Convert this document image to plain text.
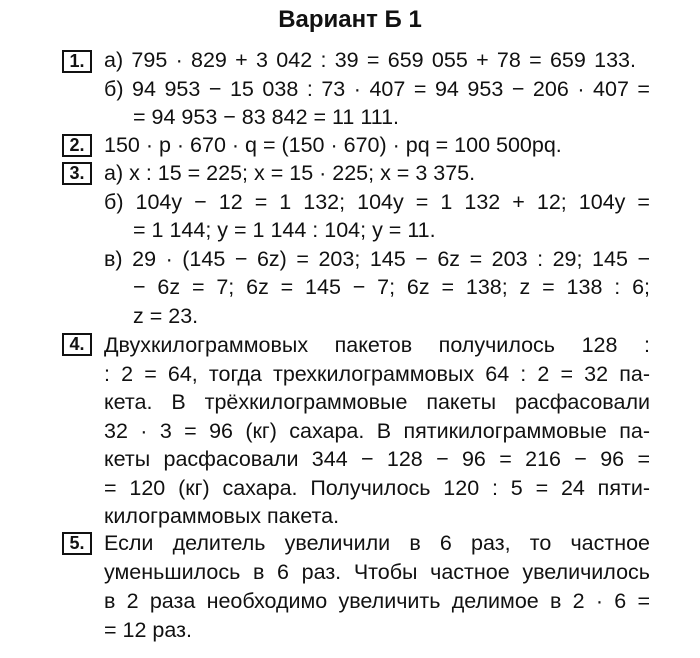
Вариант Б 1
1.
2.
3.
4.
5.
а) 795 · 829 + 3 042 : 39 = 659 055 + 78 = 659 133.
б) 94 953 − 15 038 : 73 · 407 = 94 953 − 206 · 407 =
= 94 953 − 83 842 = 11 111.
150 · p · 670 · q = (150 · 670) · pq = 100 500pq.
а) x : 15 = 225; x = 15 · 225; x = 3 375.
б) 104y − 12 = 1 132; 104y = 1 132 + 12; 104y =
= 1 144; y = 1 144 : 104; y = 11.
в) 29 · (145 − 6z) = 203; 145 − 6z = 203 : 29; 145 −
− 6z = 7; 6z = 145 − 7; 6z = 138; z = 138 : 6;
z = 23.
Двухкилограммовых пакетов получилось 128 :
: 2 = 64, тогда трехкилограммовых 64 : 2 = 32 па-
кета. В трёхкилограммовые пакеты расфасовали
32 · 3 = 96 (кг) сахара. В пятикилограммовые па-
кеты расфасовали 344 − 128 − 96 = 216 − 96 =
= 120 (кг) сахара. Получилось 120 : 5 = 24 пяти-
килограммовых пакета.
Если делитель увеличили в 6 раз, то частное
уменьшилось в 6 раз. Чтобы частное увеличилось
в 2 раза необходимо увеличить делимое в 2 · 6 =
= 12 раз.
